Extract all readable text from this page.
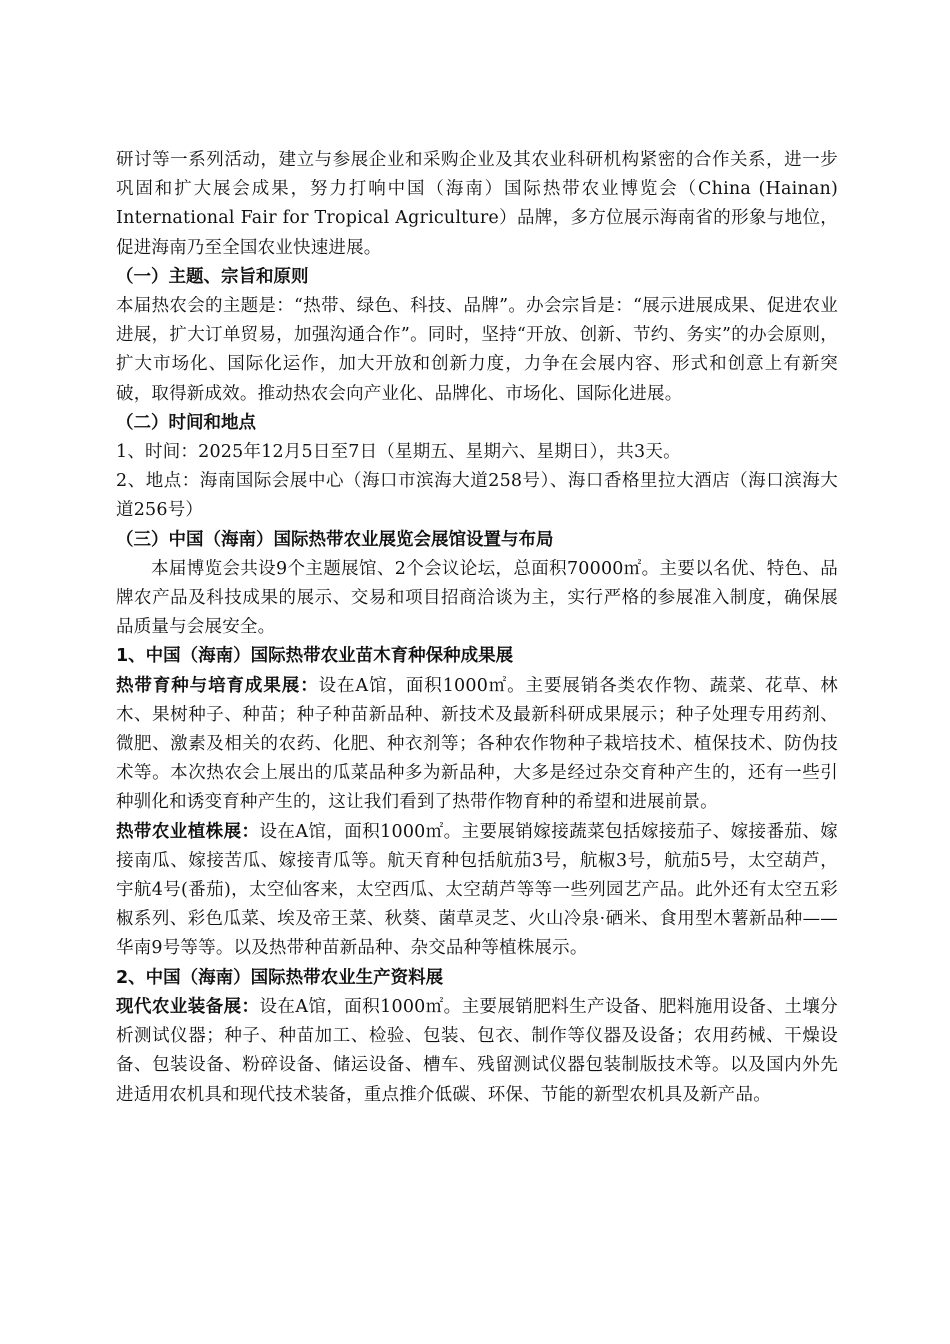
研讨等一系列活动，建立与参展企业和采购企业及其农业科研机构紧密的合作关系，进一步巩固和扩大展会成果，努力打响中国（海南）国际热带农业博览会（China (Hainan) International Fair for Tropical Agriculture）品牌，多方位展示海南省的形象与地位，促进海南乃至全国农业快速进展。

（一）主题、宗旨和原则

本届热农会的主题是：“热带、绿色、科技、品牌”。办会宗旨是：“展示进展成果、促进农业进展，扩大订单贸易，加强沟通合作”。同时，坚持“开放、创新、节约、务实”的办会原则，扩大市场化、国际化运作，加大开放和创新力度，力争在会展内容、形式和创意上有新突破，取得新成效。推动热农会向产业化、品牌化、市场化、国际化进展。

（二）时间和地点

1、时间：2025年12月5日至7日（星期五、星期六、星期日），共3天。

2、地点：海南国际会展中心（海口市滨海大道258号）、海口香格里拉大酒店（海口滨海大道256号）

（三）中国（海南）国际热带农业展览会展馆设置与布局

本届博览会共设9个主题展馆、2个会议论坛，总面积70000㎡。主要以名优、特色、品牌农产品及科技成果的展示、交易和项目招商洽谈为主，实行严格的参展准入制度，确保展品质量与会展安全。

1、中国（海南）国际热带农业苗木育种保种成果展

热带育种与培育成果展：设在A馆，面积1000㎡。主要展销各类农作物、蔬菜、花草、林木、果树种子、种苗；种子种苗新品种、新技术及最新科研成果展示；种子处理专用药剂、微肥、激素及相关的农药、化肥、种衣剂等；各种农作物种子栽培技术、植保技术、防伪技术等。本次热农会上展出的瓜菜品种多为新品种，大多是经过杂交育种产生的，还有一些引种驯化和诱变育种产生的，这让我们看到了热带作物育种的希望和进展前景。

热带农业植株展：设在A馆，面积1000㎡。主要展销嫁接蔬菜包括嫁接茄子、嫁接番茄、嫁接南瓜、嫁接苦瓜、嫁接青瓜等。航天育种包括航茄3号，航椒3号，航茄5号，太空葫芦，宇航4号(番茄)，太空仙客来，太空西瓜、太空葫芦等等一些列园艺产品。此外还有太空五彩椒系列、彩色瓜菜、埃及帝王菜、秋葵、菌草灵芝、火山冷泉·硒米、食用型木薯新品种——华南9号等等。以及热带种苗新品种、杂交品种等植株展示。

2、中国（海南）国际热带农业生产资料展

现代农业装备展：设在A馆，面积1000㎡。主要展销肥料生产设备、肥料施用设备、土壤分析测试仪器；种子、种苗加工、检验、包装、包衣、制作等仪器及设备；农用药械、干燥设备、包装设备、粉碎设备、储运设备、槽车、残留测试仪器包装制版技术等。以及国内外先进适用农机具和现代技术装备，重点推介低碳、环保、节能的新型农机具及新产品。
